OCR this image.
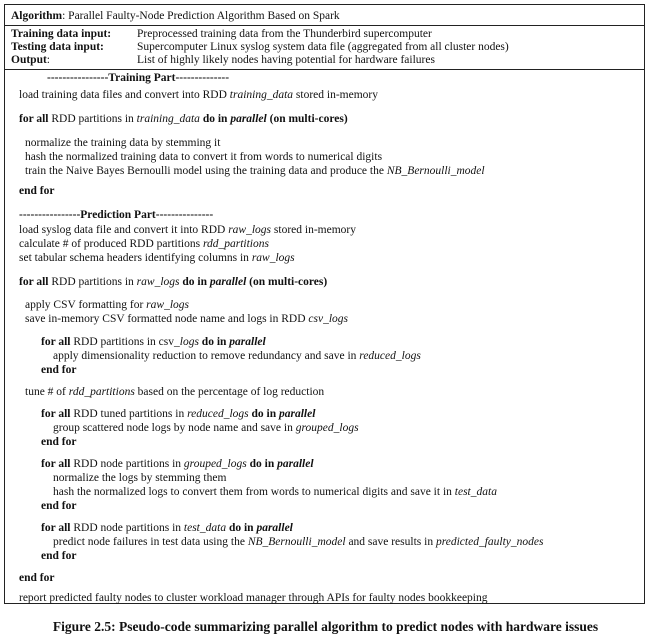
Algorithm: Parallel Faulty-Node Prediction Algorithm Based on Spark
Training data input: Preprocessed training data from the Thunderbird supercomputer
Testing data input:	Supercomputer Linux syslog system data file (aggregated from all cluster nodes)
Output:	List of highly likely nodes having potential for hardware failures
----------------Training Part--------------
load training data files and convert into RDD training_data stored in-memory
for all RDD partitions in training_data do in parallel (on multi-cores)
normalize the training data by stemming it
hash the normalized training data to convert it from words to numerical digits
train the Naive Bayes Bernoulli model using the training data and produce the NB_Bernoulli_model
end for
----------------Prediction Part---------------
load syslog data file and convert it into RDD raw_logs stored in-memory
calculate # of produced RDD partitions rdd_partitions
set tabular schema headers identifying columns in raw_logs
for all RDD partitions in raw_logs do in parallel (on multi-cores)
apply CSV formatting for raw_logs
save in-memory CSV formatted node name and logs in RDD csv_logs
for all RDD partitions in csv_logs do in parallel
apply dimensionality reduction to remove redundancy and save in reduced_logs
end for
tune # of rdd_partitions based on the percentage of log reduction
for all RDD tuned partitions in reduced_logs do in parallel
group scattered node logs by node name and save in grouped_logs
end for
for all RDD node partitions in grouped_logs do in parallel
normalize the logs by stemming them
hash the normalized logs to convert them from words to numerical digits and save it in test_data
end for
for all RDD node partitions in test_data do in parallel
predict node failures in test data using the NB_Bernoulli_model and save results in predicted_faulty_nodes
end for
end for
report predicted faulty nodes to cluster workload manager through APIs for faulty nodes bookkeeping
Figure 2.5: Pseudo-code summarizing parallel algorithm to predict nodes with hardware issues
